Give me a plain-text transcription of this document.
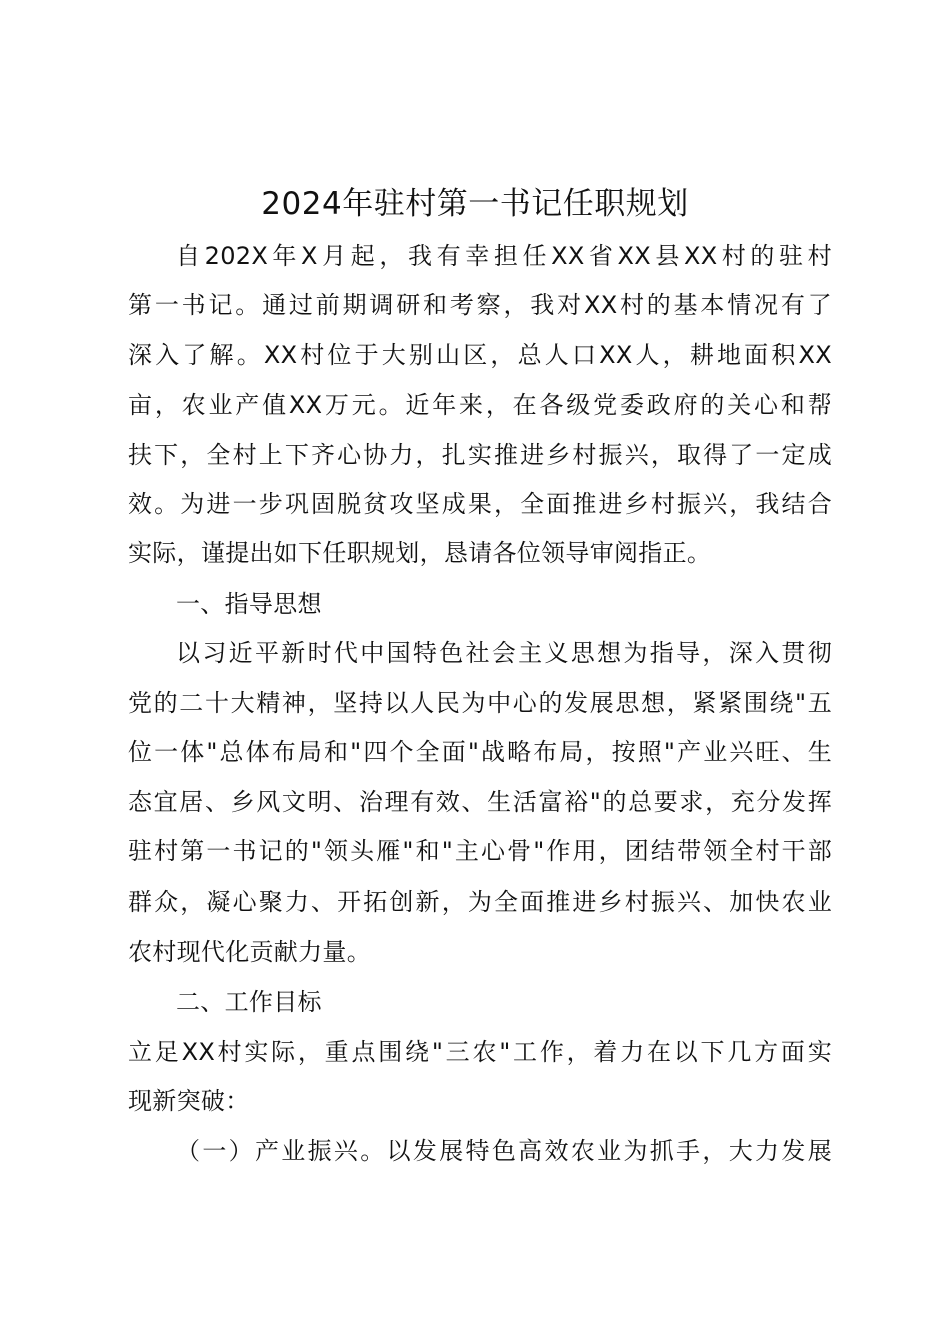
2024年驻村第一书记任职规划
自202X年X月起，我有幸担任XX省XX县XX村的驻村
第一书记。通过前期调研和考察，我对XX村的基本情况有了
深入了解。XX村位于大别山区，总人口XX人，耕地面积XX
亩，农业产值XX万元。近年来，在各级党委政府的关心和帮
扶下，全村上下齐心协力，扎实推进乡村振兴，取得了一定成
效。为进一步巩固脱贫攻坚成果，全面推进乡村振兴，我结合
实际，谨提出如下任职规划，恳请各位领导审阅指正。
一、指导思想
以习近平新时代中国特色社会主义思想为指导，深入贯彻
党的二十大精神，坚持以人民为中心的发展思想，紧紧围绕"五
位一体"总体布局和"四个全面"战略布局，按照"产业兴旺、生
态宜居、乡风文明、治理有效、生活富裕"的总要求，充分发挥
驻村第一书记的"领头雁"和"主心骨"作用，团结带领全村干部
群众，凝心聚力、开拓创新，为全面推进乡村振兴、加快农业
农村现代化贡献力量。
二、工作目标
立足XX村实际，重点围绕"三农"工作，着力在以下几方面实
现新突破：
（一）产业振兴。以发展特色高效农业为抓手，大力发展
